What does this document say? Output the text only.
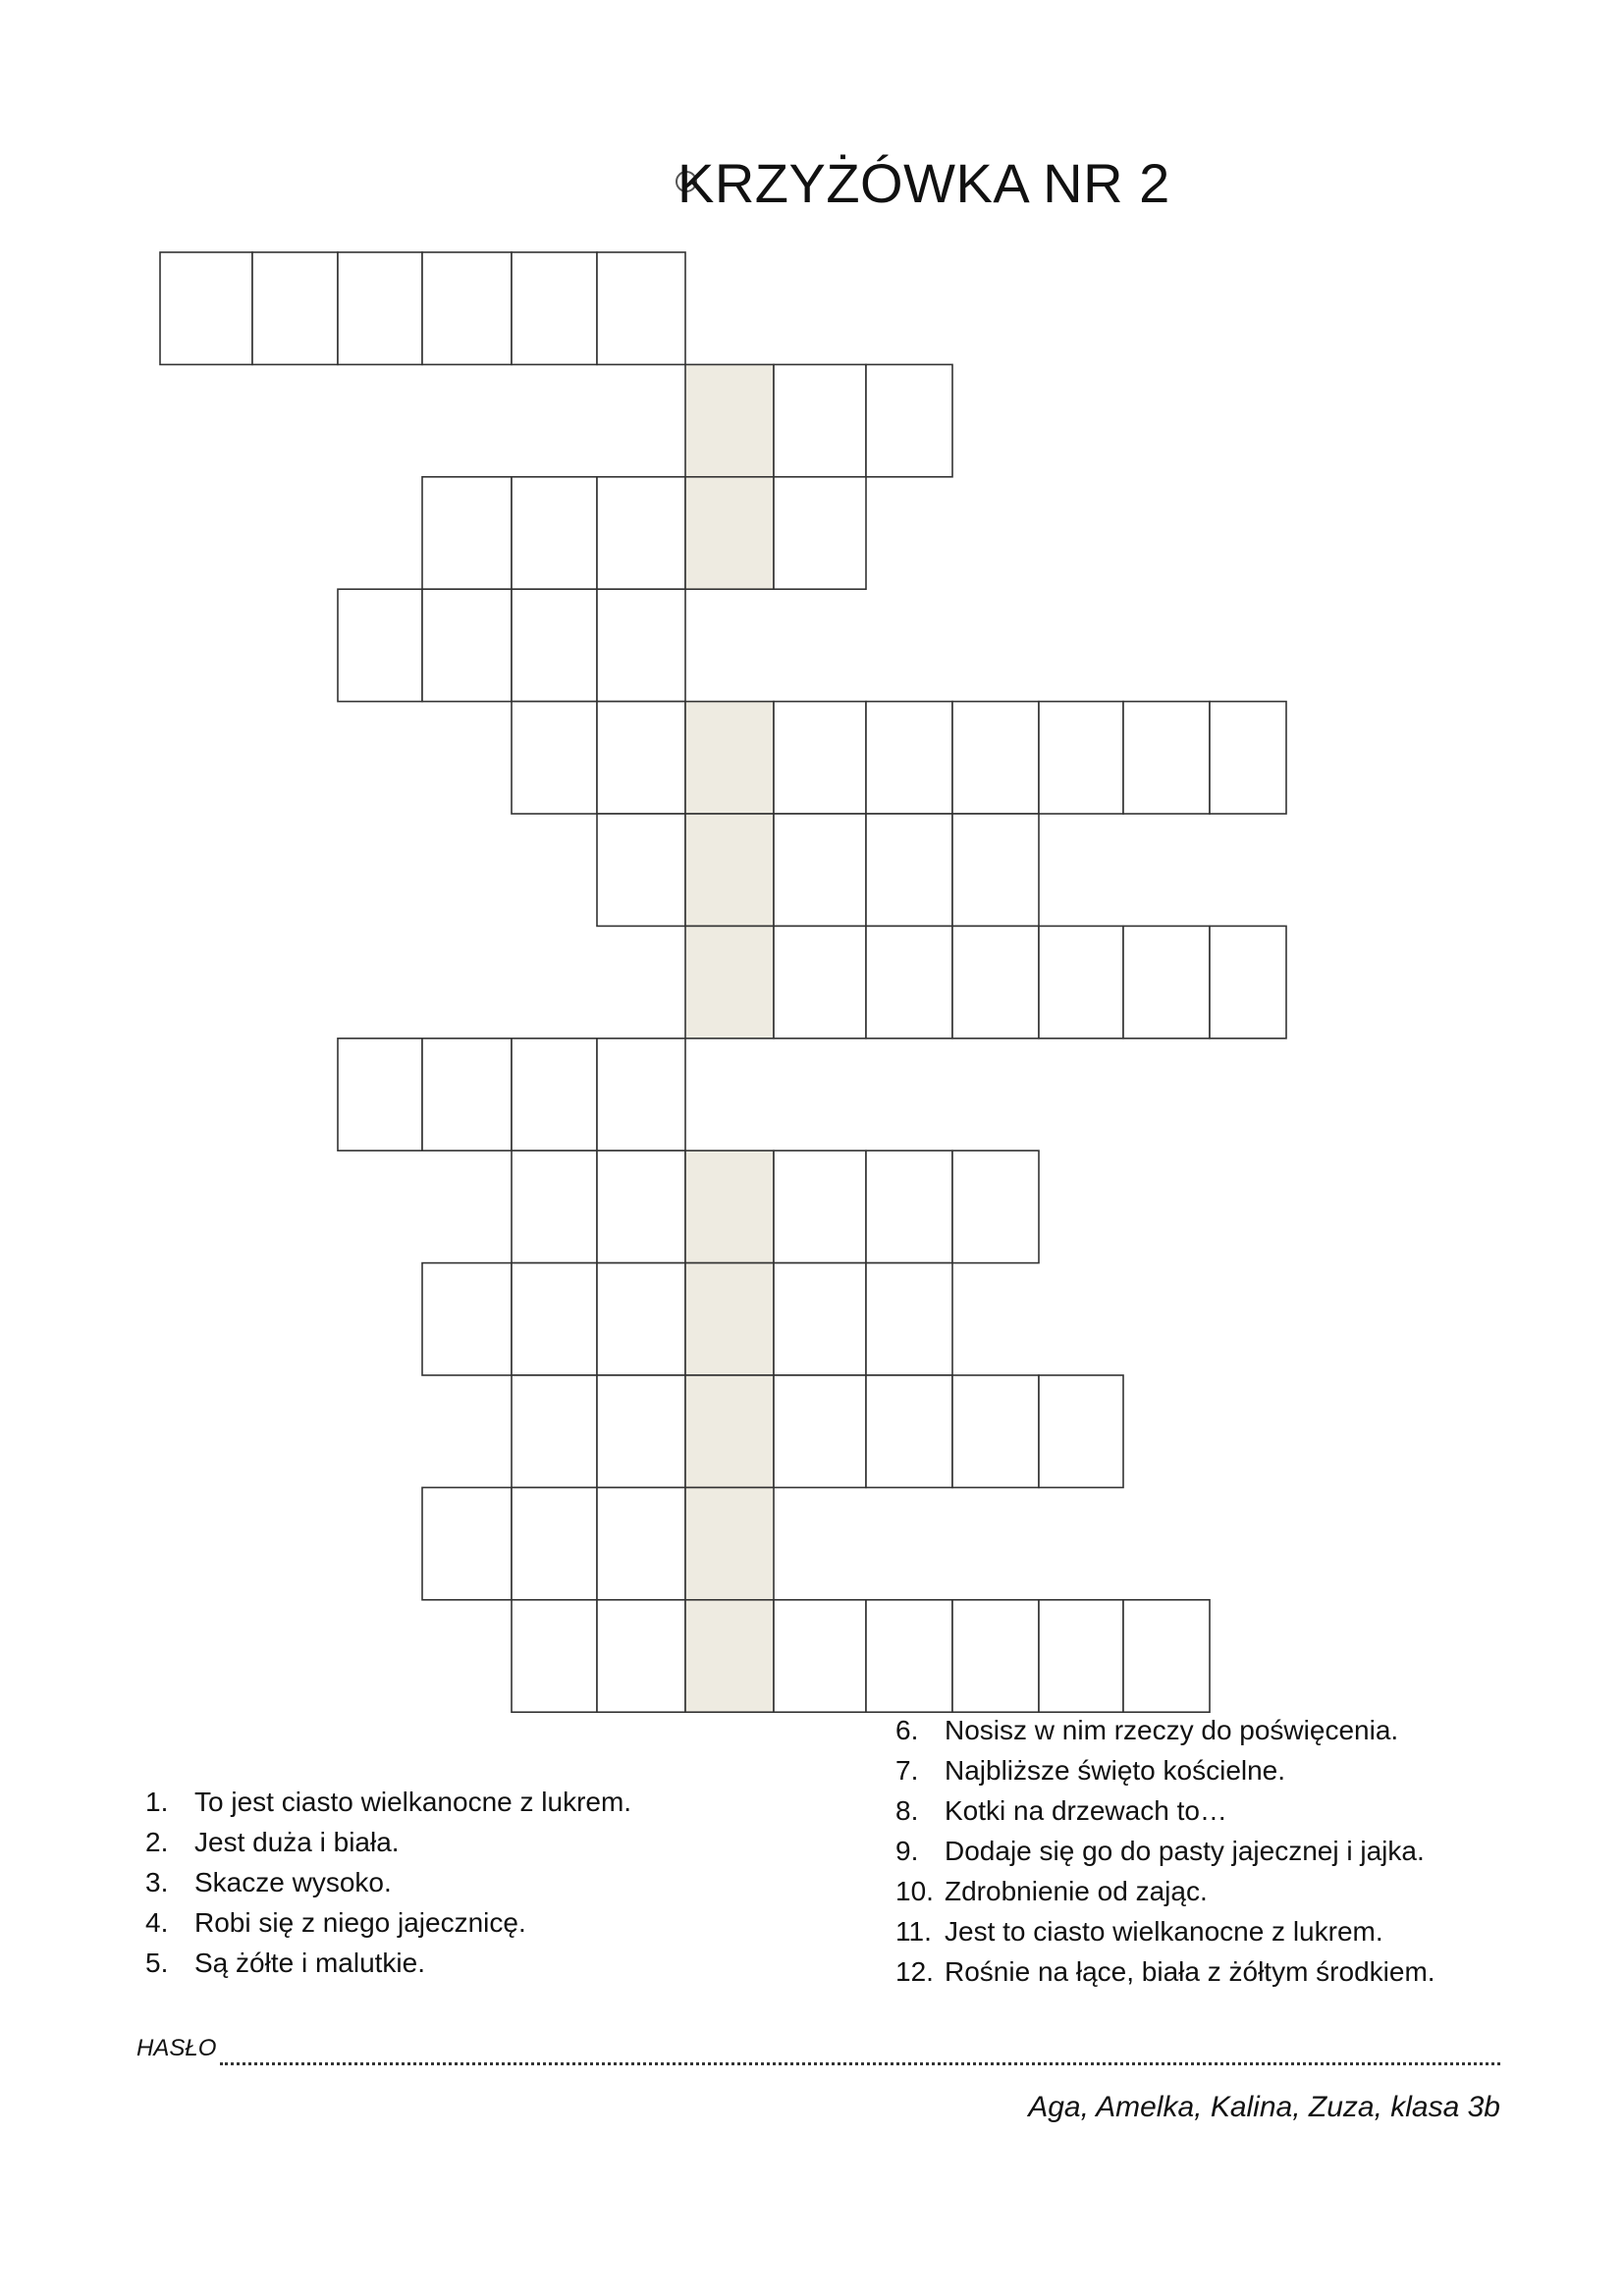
KRZYŻÓWKA NR 2
1. To jest ciasto wielkanocne z lukrem.
2. Jest duża i biała.
3. Skacze wysoko.
4. Robi się z niego jajecznicę.
5. Są żółte i malutkie.
6. Nosisz w nim rzeczy do poświęcenia.
7. Najbliższe święto kościelne.
8. Kotki na drzewach to…
9. Dodaje się go do pasty jajecznej i jajka.
10. Zdrobnienie od zając.
11. Jest to ciasto wielkanocne z lukrem.
12. Rośnie na łące, biała z żółtym środkiem.
HASŁO
Aga, Amelka, Kalina, Zuza, klasa 3b
